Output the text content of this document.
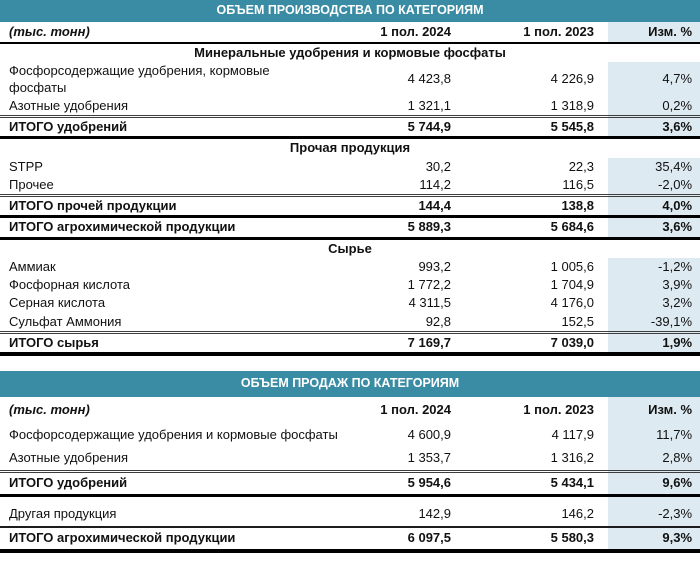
ОБЪЕМ ПРОИЗВОДСТВА ПО КАТЕГОРИЯМ			
(тыс. тонн)	1 пол. 2024	1 пол. 2023	Изм. %
Минеральные удобрения и кормовые фосфаты			
Фосфорсодержащие удобрения, кормовые фосфаты	4 423,8	4 226,9	4,7%
Азотные удобрения	1 321,1	1 318,9	0,2%
ИТОГО удобрений	5 744,9	5 545,8	3,6%
Прочая продукция			
STPP	30,2	22,3	35,4%
Прочее	114,2	116,5	-2,0%
ИТОГО прочей продукции	144,4	138,8	4,0%
ИТОГО агрохимической продукции	5 889,3	5 684,6	3,6%
Сырье			
Аммиак	993,2	1 005,6	-1,2%
Фосфорная кислота	1 772,2	1 704,9	3,9%
Серная кислота	4 311,5	4 176,0	3,2%
Сульфат Аммония	92,8	152,5	-39,1%
ИТОГО сырья	7 169,7	7 039,0	1,9%
ОБЪЕМ ПРОДАЖ ПО КАТЕГОРИЯМ			
(тыс. тонн)	1 пол. 2024	1 пол. 2023	Изм. %
Фосфорсодержащие удобрения и кормовые фосфаты	4 600,9	4 117,9	11,7%
Азотные удобрения	1 353,7	1 316,2	2,8%
ИТОГО удобрений	5 954,6	5 434,1	9,6%

Другая продукция	142,9	146,2	-2,3%
ИТОГО агрохимической продукции	6 097,5	5 580,3	9,3%
